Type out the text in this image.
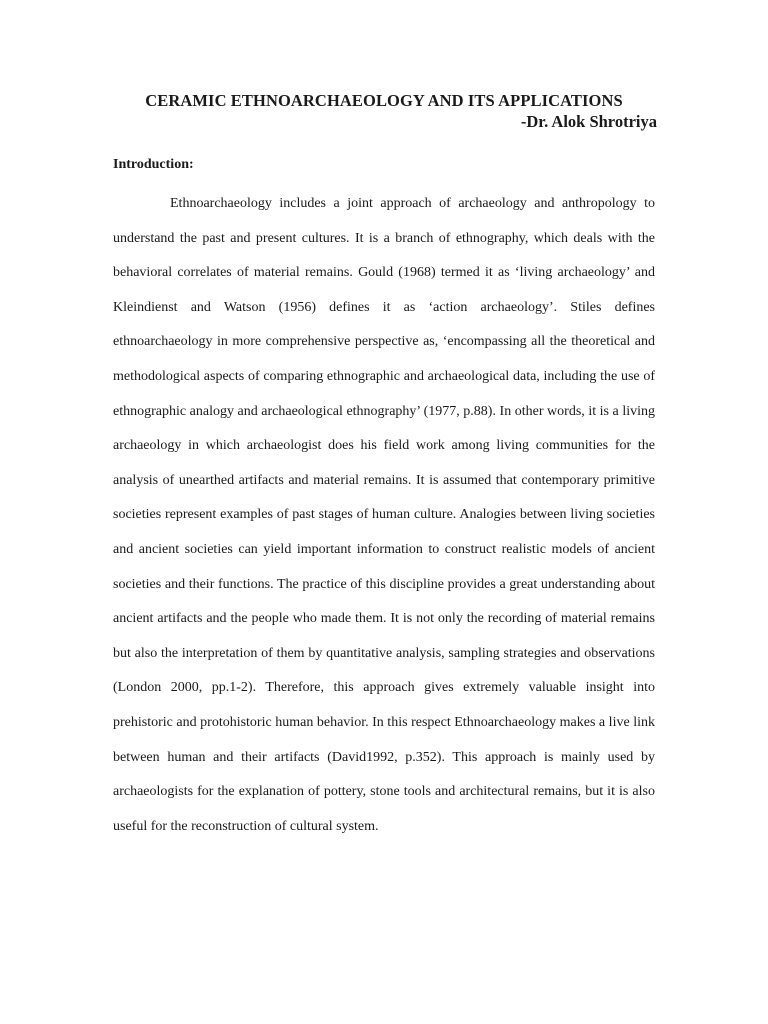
CERAMIC ETHNOARCHAEOLOGY AND ITS APPLICATIONS

-Dr. Alok Shrotriya

Introduction:

Ethnoarchaeology includes a joint approach of archaeology and anthropology to understand the past and present cultures. It is a branch of ethnography, which deals with the behavioral correlates of material remains. Gould (1968) termed it as ‘living archaeology’ and Kleindienst and Watson (1956) defines it as ‘action archaeology’. Stiles defines ethnoarchaeology in more comprehensive perspective as, ‘encompassing all the theoretical and methodological aspects of comparing ethnographic and archaeological data, including the use of ethnographic analogy and archaeological ethnography’ (1977, p.88). In other words, it is a living archaeology in which archaeologist does his field work among living communities for the analysis of unearthed artifacts and material remains. It is assumed that contemporary primitive societies represent examples of past stages of human culture. Analogies between living societies and ancient societies can yield important information to construct realistic models of ancient societies and their functions. The practice of this discipline provides a great understanding about ancient artifacts and the people who made them. It is not only the recording of material remains but also the interpretation of them by quantitative analysis, sampling strategies and observations (London 2000, pp.1-2). Therefore, this approach gives extremely valuable insight into prehistoric and protohistoric human behavior. In this respect Ethnoarchaeology makes a live link between human and their artifacts (David1992, p.352). This approach is mainly used by archaeologists for the explanation of pottery, stone tools and architectural remains, but it is also useful for the reconstruction of cultural system.
